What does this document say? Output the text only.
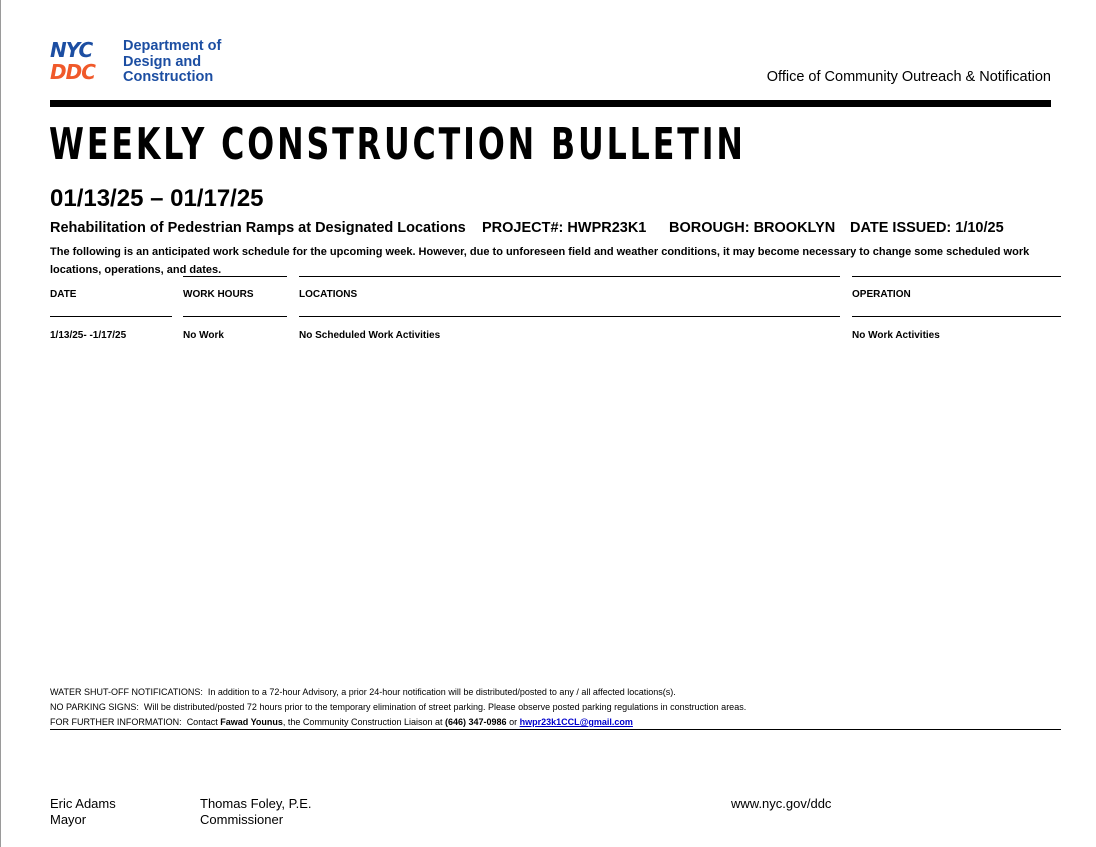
NYC
DDC
Department of
Design and
Construction	Office of Community Outreach & Notification
WEEKLY CONSTRUCTION BULLETIN
01/13/25 – 01/17/25
Rehabilitation of Pedestrian Ramps at Designated Locations PROJECT#: HWPR23K1 BOROUGH: BROOKLYN DATE ISSUED: 1/10/25
The following is an anticipated work schedule for the upcoming week. However, due to unforeseen field and weather conditions, it may become necessary to change some scheduled work locations, operations, and dates.
DATE	WORK HOURS	LOCATIONS	OPERATION
1/13/25- -1/17/25	No Work	No Scheduled Work Activities	No Work Activities
WATER SHUT-OFF NOTIFICATIONS: In addition to a 72-hour Advisory, a prior 24-hour notification will be distributed/posted to any / all affected locations(s).
NO PARKING SIGNS: Will be distributed/posted 72 hours prior to the temporary elimination of street parking. Please observe posted parking regulations in construction areas.
FOR FURTHER INFORMATION: Contact Fawad Younus, the Community Construction Liaison at (646) 347-0986 or hwpr23k1CCL@gmail.com
Eric Adams
Mayor
Thomas Foley, P.E.
Commissioner
www.nyc.gov/ddc
